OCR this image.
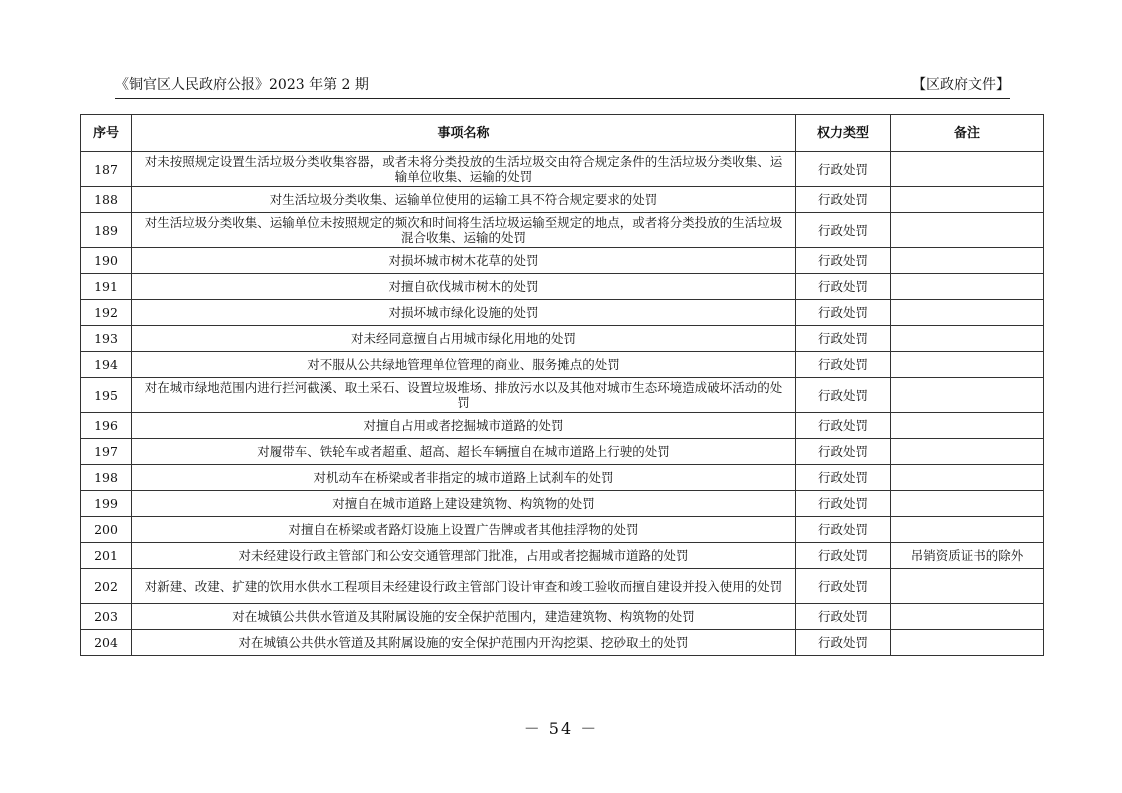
《铜官区人民政府公报》2023 年第 2 期	【区政府文件】
序号	事项名称	权力类型	备注
187	对未按照规定设置生活垃圾分类收集容器，或者未将分类投放的生活垃圾交由符合规定条件的生活垃圾分类收集、运输单位收集、运输的处罚	行政处罚	
188	对生活垃圾分类收集、运输单位使用的运输工具不符合规定要求的处罚	行政处罚	
189	对生活垃圾分类收集、运输单位未按照规定的频次和时间将生活垃圾运输至规定的地点，或者将分类投放的生活垃圾混合收集、运输的处罚	行政处罚	
190	对损坏城市树木花草的处罚	行政处罚	
191	对擅自砍伐城市树木的处罚	行政处罚	
192	对损坏城市绿化设施的处罚	行政处罚	
193	对未经同意擅自占用城市绿化用地的处罚	行政处罚	
194	对不服从公共绿地管理单位管理的商业、服务摊点的处罚	行政处罚	
195	对在城市绿地范围内进行拦河截溪、取土采石、设置垃圾堆场、排放污水以及其他对城市生态环境造成破坏活动的处罚	行政处罚	
196	对擅自占用或者挖掘城市道路的处罚	行政处罚	
197	对履带车、铁轮车或者超重、超高、超长车辆擅自在城市道路上行驶的处罚	行政处罚	
198	对机动车在桥梁或者非指定的城市道路上试刹车的处罚	行政处罚	
199	对擅自在城市道路上建设建筑物、构筑物的处罚	行政处罚	
200	对擅自在桥梁或者路灯设施上设置广告牌或者其他挂浮物的处罚	行政处罚	
201	对未经建设行政主管部门和公安交通管理部门批准，占用或者挖掘城市道路的处罚	行政处罚	吊销资质证书的除外
202	对新建、改建、扩建的饮用水供水工程项目未经建设行政主管部门设计审查和竣工验收而擅自建设并投入使用的处罚	行政处罚	
203	对在城镇公共供水管道及其附属设施的安全保护范围内，建造建筑物、构筑物的处罚	行政处罚	
204	对在城镇公共供水管道及其附属设施的安全保护范围内开沟挖渠、挖砂取土的处罚	行政处罚	
－ 54 －
